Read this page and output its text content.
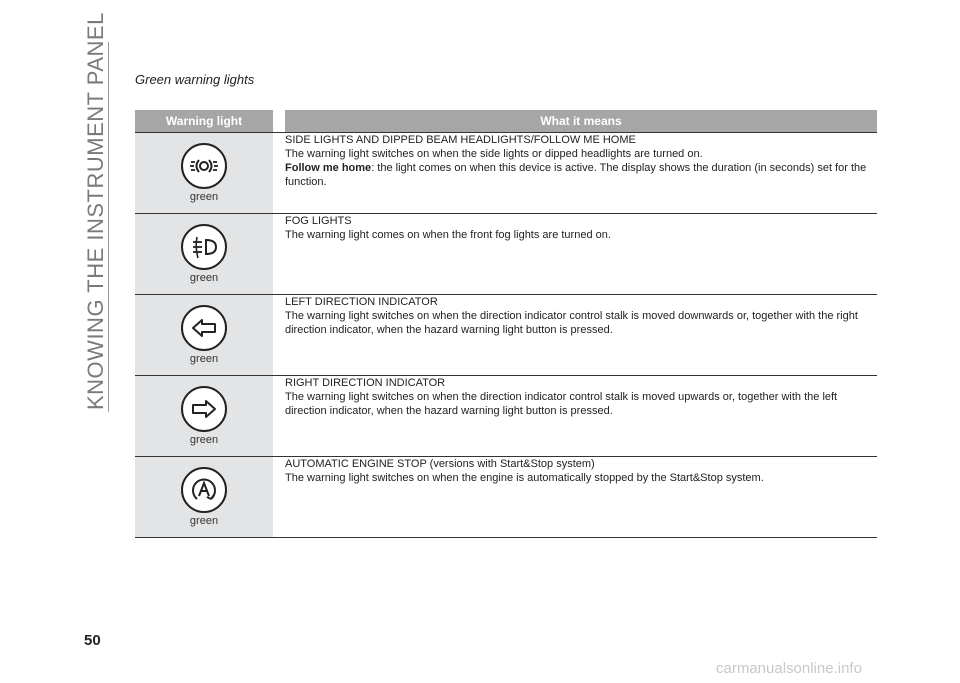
KNOWING THE INSTRUMENT PANEL Green warning lights
Warning light		What it means

green		SIDE LIGHTS AND DIPPED BEAM HEADLIGHTS/FOLLOW ME HOME
The warning light switches on when the side lights or dipped headlights are turned on.
Follow me home: the light comes on when this device is active. The display shows the duration (in seconds) set for the function.

green		FOG LIGHTS
The warning light comes on when the front fog lights are turned on.

green		LEFT DIRECTION INDICATOR
The warning light switches on when the direction indicator control stalk is moved downwards or, together with the right direction indicator, when the hazard warning light button is pressed.

green		RIGHT DIRECTION INDICATOR
The warning light switches on when the direction indicator control stalk is moved upwards or, together with the left direction indicator, when the hazard warning light button is pressed.

green		AUTOMATIC ENGINE STOP (versions with Start&Stop system)
The warning light switches on when the engine is automatically stopped by the Start&Stop system.
50
carmanualsonline.info
